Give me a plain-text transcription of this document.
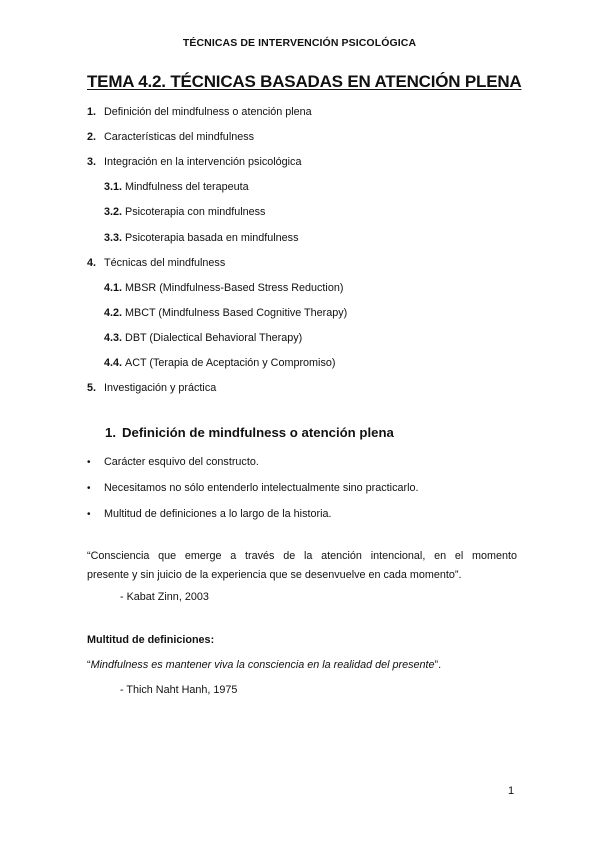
TÉCNICAS DE INTERVENCIÓN PSICOLÓGICA
TEMA 4.2. TÉCNICAS BASADAS EN ATENCIÓN PLENA
1. Definición del mindfulness o atención plena
2. Características del mindfulness
3. Integración en la intervención psicológica
3.1. Mindfulness del terapeuta
3.2. Psicoterapia con mindfulness
3.3. Psicoterapia basada en mindfulness
4. Técnicas del mindfulness
4.1. MBSR (Mindfulness-Based Stress Reduction)
4.2. MBCT (Mindfulness Based Cognitive Therapy)
4.3. DBT (Dialectical Behavioral Therapy)
4.4. ACT (Terapia de Aceptación y Compromiso)
5. Investigación y práctica
1. Definición de mindfulness o atención plena
• Carácter esquivo del constructo.
• Necesitamos no sólo entenderlo intelectualmente sino practicarlo.
• Multitud de definiciones a lo largo de la historia.
“Consciencia que emerge a través de la atención intencional, en el momento
presente y sin juicio de la experiencia que se desenvuelve en cada momento”.
- Kabat Zinn, 2003
Multitud de definiciones:
“Mindfulness es mantener viva la consciencia en la realidad del presente”.
- Thich Naht Hanh, 1975
1
